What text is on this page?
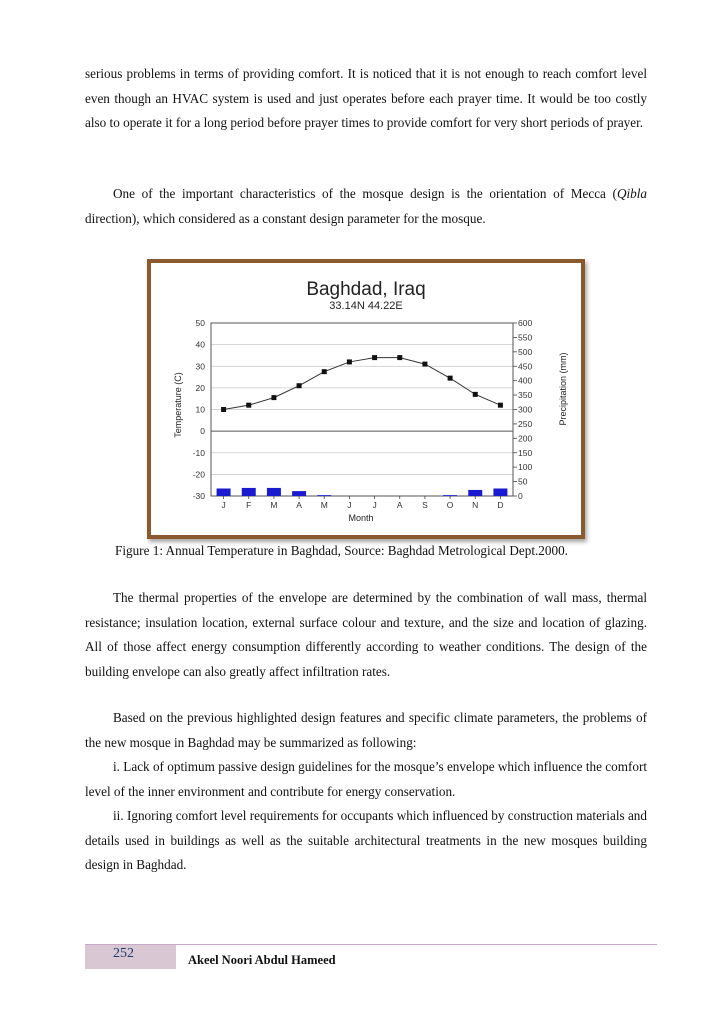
serious problems in terms of providing comfort. It is noticed that it is not enough to reach comfort level even though an HVAC system is used and just operates before each prayer time. It would be too costly also to operate it for a long period before prayer times to provide comfort for very short periods of prayer.

One of the important characteristics of the mosque design is the orientation of Mecca (Qibla direction), which considered as a constant design parameter for the mosque.

Baghdad, Iraq
33.14N 44.22E
Temperature (C)	Precipitation (mm)
Month
50
40
30
20
10
0
-10
-20
-30
600
550
500
450
400
350
300
250
200
150
100
50
0
J F M A M J J A S O N D

Figure 1: Annual Temperature in Baghdad, Source: Baghdad Metrological Dept.2000.

The thermal properties of the envelope are determined by the combination of wall mass, thermal resistance; insulation location, external surface colour and texture, and the size and location of glazing. All of those affect energy consumption differently according to weather conditions. The design of the building envelope can also greatly affect infiltration rates.

Based on the previous highlighted design features and specific climate parameters, the problems of the new mosque in Baghdad may be summarized as following:

i. Lack of optimum passive design guidelines for the mosque’s envelope which influence the comfort level of the inner environment and contribute for energy conservation.

ii. Ignoring comfort level requirements for occupants which influenced by construction materials and details used in buildings as well as the suitable architectural treatments in the new mosques building design in Baghdad.

252	Akeel Noori Abdul Hameed
